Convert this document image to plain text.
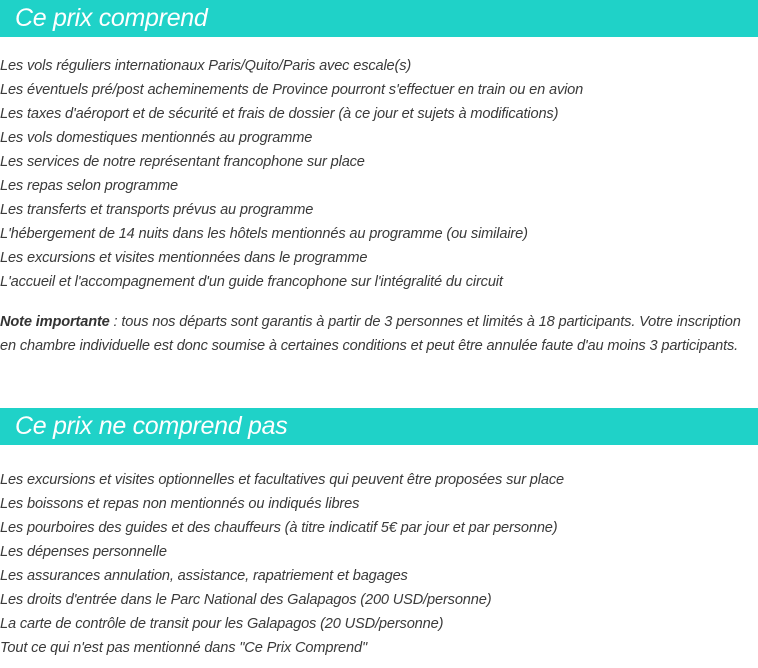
Ce prix comprend
Les vols réguliers internationaux Paris/Quito/Paris avec escale(s)
Les éventuels pré/post acheminements de Province pourront s'effectuer en train ou en avion
Les taxes d'aéroport et de sécurité et frais de dossier (à ce jour et sujets à modifications)
Les vols domestiques mentionnés au programme
Les services de notre représentant francophone sur place
Les repas selon programme
Les transferts et transports prévus au programme
L'hébergement de 14 nuits dans les hôtels mentionnés au programme (ou similaire)
Les excursions et visites mentionnées dans le programme
L'accueil et l'accompagnement d'un guide francophone sur l'intégralité du circuit
Note importante : tous nos départs sont garantis à partir de 3 personnes et limités à 18 participants. Votre inscription en chambre individuelle est donc soumise à certaines conditions et peut être annulée faute d'au moins 3 participants.
Ce prix ne comprend pas
Les excursions et visites optionnelles et facultatives qui peuvent être proposées sur place
Les boissons et repas non mentionnés ou indiqués libres
Les pourboires des guides et des chauffeurs (à titre indicatif 5€ par jour et par personne)
Les dépenses personnelle
Les assurances annulation, assistance, rapatriement et bagages
Les droits d'entrée dans le Parc National des Galapagos (200 USD/personne)
La carte de contrôle de transit pour les Galapagos (20 USD/personne)
Tout ce qui n'est pas mentionné dans "Ce Prix Comprend"
